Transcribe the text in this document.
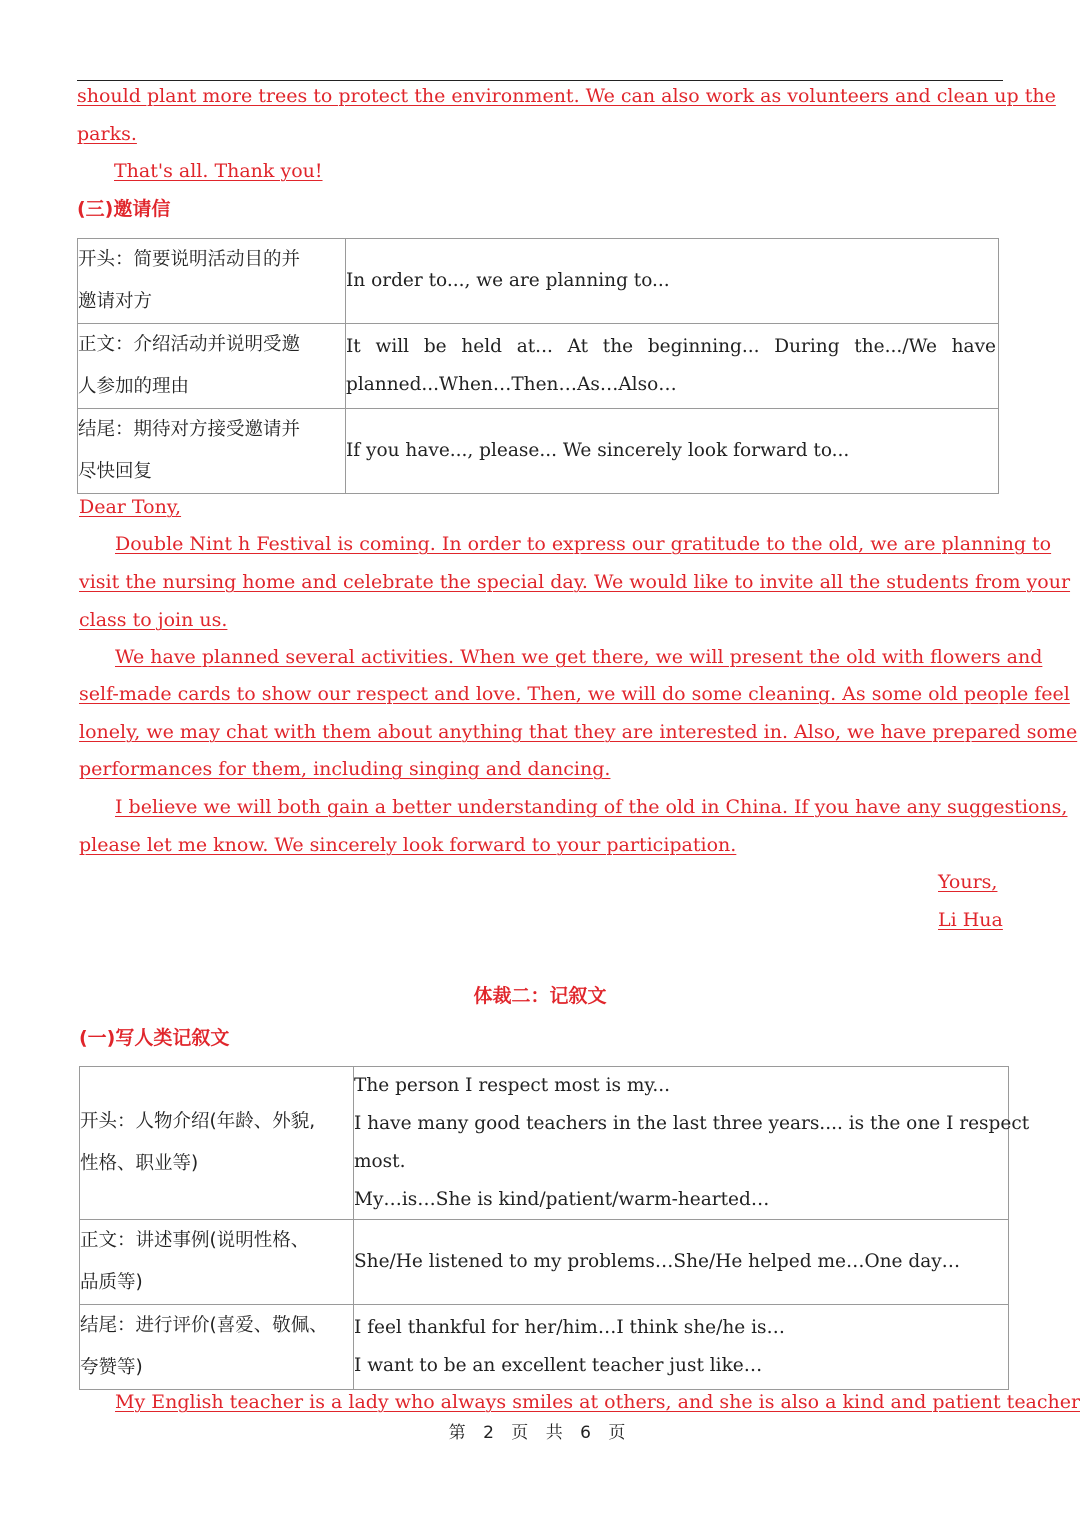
should plant more trees to protect the environment. We can also work as volunteers and clean up the
parks.
That's all. Thank you!
(三)邀请信
开头：简要说明活动目的并
邀请对方	In order to..., we are planning to...

正文：介绍活动并说明受邀
人参加的理由	It will be held at... At the beginning... During the.../We have
planned...When…Then…As…Also…

结尾：期待对方接受邀请并
尽快回复	If you have..., please... We sincerely look forward to...
Dear Tony,
Double Nint h Festival is coming. In order to express our gratitude to the old, we are planning to
visit the nursing home and celebrate the special day. We would like to invite all the students from your
class to join us.
We have planned several activities. When we get there, we will present the old with flowers and
self-made cards to show our respect and love. Then, we will do some cleaning. As some old people feel
lonely, we may chat with them about anything that they are interested in. Also, we have prepared some
performances for them, including singing and dancing.
I believe we will both gain a better understanding of the old in China. If you have any suggestions,
please let me know. We sincerely look forward to your participation.
Yours,
Li Hua
体裁二：记叙文
(一)写人类记叙文
开头：人物介绍(年龄、外貌,
性格、职业等)	The person I respect most is my...
I have many good teachers in the last three years.... is the one I respect
most.
My…is…She is kind/patient/warm-hearted…

正文：讲述事例(说明性格、
品质等)	She/He listened to my problems…She/He helped me…One day…

结尾：进行评价(喜爱、敬佩、
夸赞等)	I feel thankful for her/him…I think she/he is…
I want to be an excellent teacher just like…
My English teacher is a lady who always smiles at others, and she is also a kind and patient teacher
第 2 页 共 6 页
